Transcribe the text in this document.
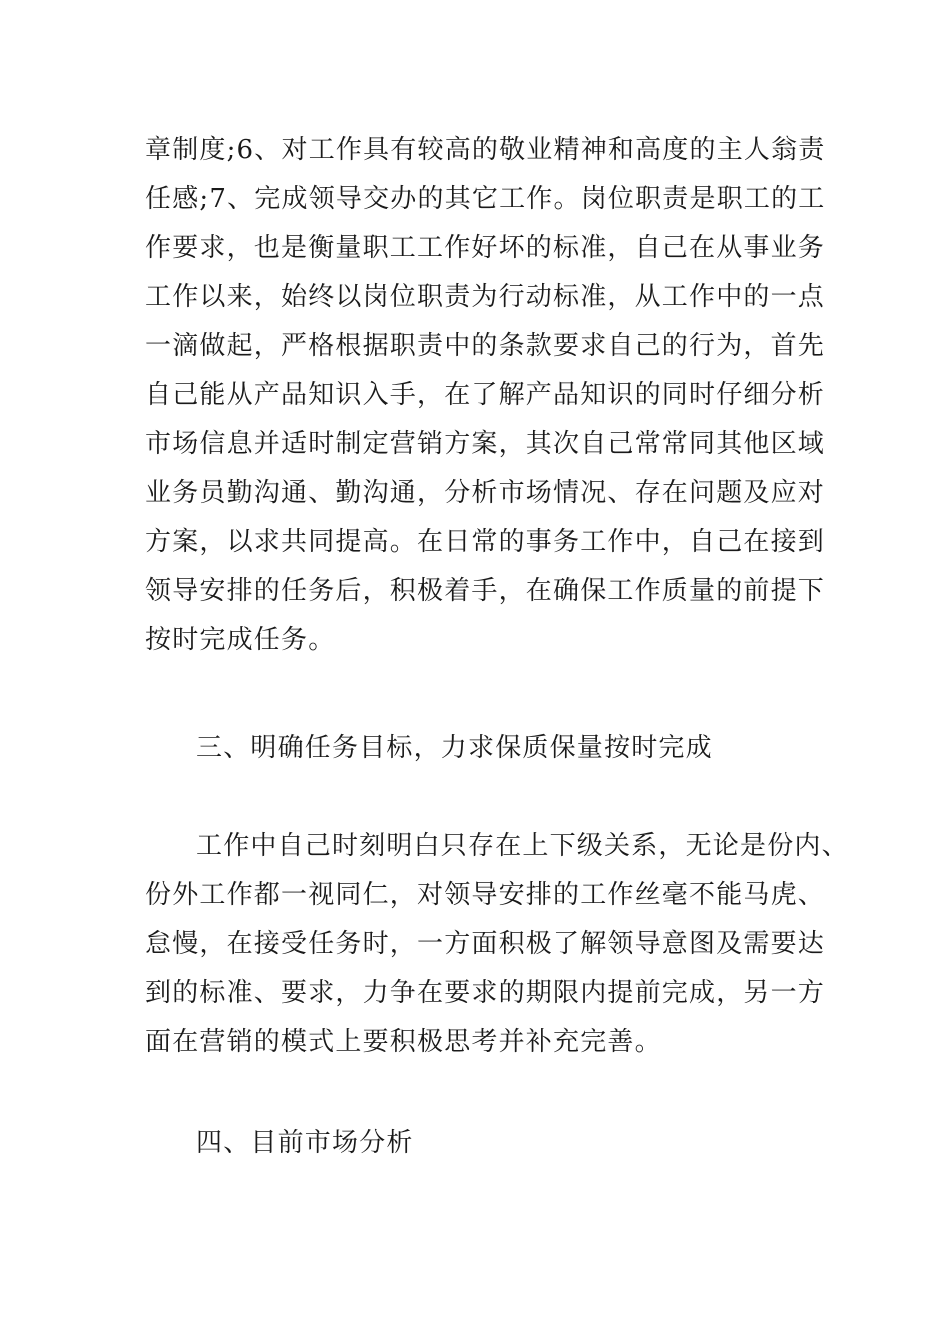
章制度;6、对工作具有较高的敬业精神和高度的主人翁责
任感;7、完成领导交办的其它工作。岗位职责是职工的工
作要求，也是衡量职工工作好坏的标准，自己在从事业务
工作以来，始终以岗位职责为行动标准，从工作中的一点
一滴做起，严格根据职责中的条款要求自己的行为，首先
自己能从产品知识入手，在了解产品知识的同时仔细分析
市场信息并适时制定营销方案，其次自己常常同其他区域
业务员勤沟通、勤沟通，分析市场情况、存在问题及应对
方案，以求共同提高。在日常的事务工作中，自己在接到
领导安排的任务后，积极着手，在确保工作质量的前提下
按时完成任务。
三、明确任务目标，力求保质保量按时完成
工作中自己时刻明白只存在上下级关系，无论是份内、
份外工作都一视同仁，对领导安排的工作丝毫不能马虎、
怠慢，在接受任务时，一方面积极了解领导意图及需要达
到的标准、要求，力争在要求的期限内提前完成，另一方
面在营销的模式上要积极思考并补充完善。
四、目前市场分析
